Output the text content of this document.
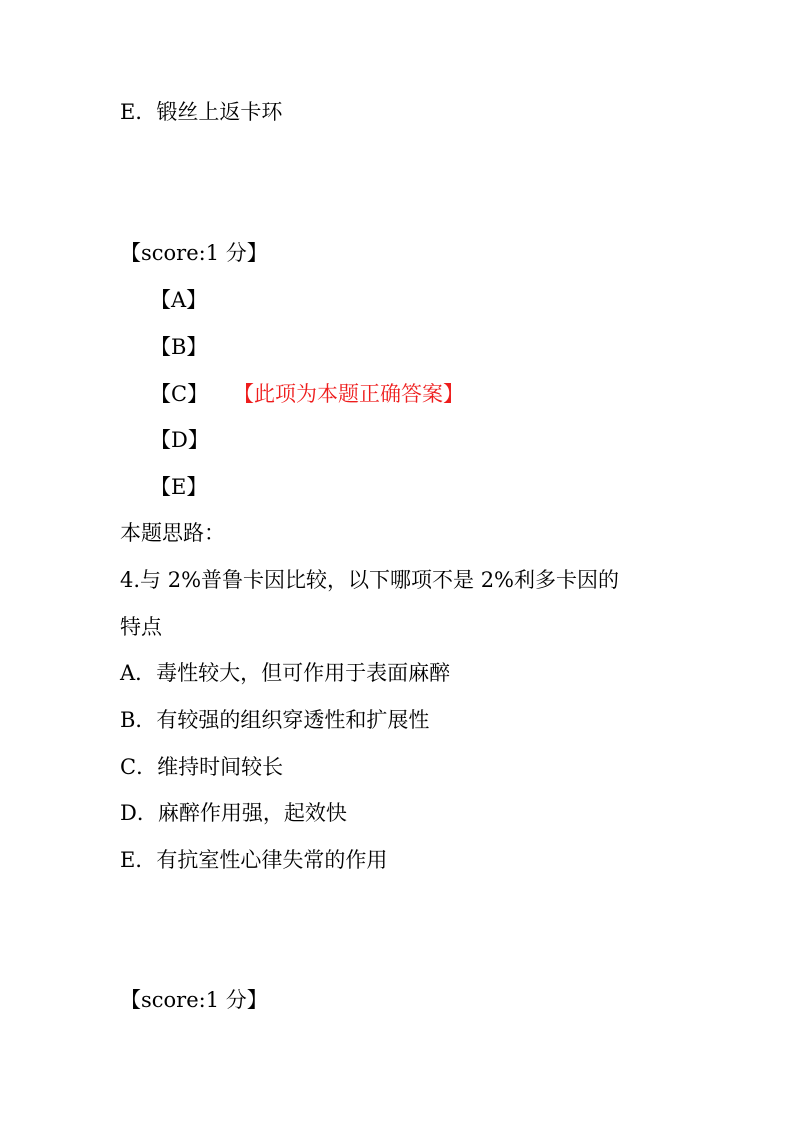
E．锻丝上返卡环
【score:1 分】
【A】
【B】
【C】 【此项为本题正确答案】
【D】
【E】
本题思路：
4.与 2%普鲁卡因比较，以下哪项不是 2%利多卡因的
特点
A．毒性较大，但可作用于表面麻醉
B．有较强的组织穿透性和扩展性
C．维持时间较长
D．麻醉作用强，起效快
E．有抗室性心律失常的作用
【score:1 分】
